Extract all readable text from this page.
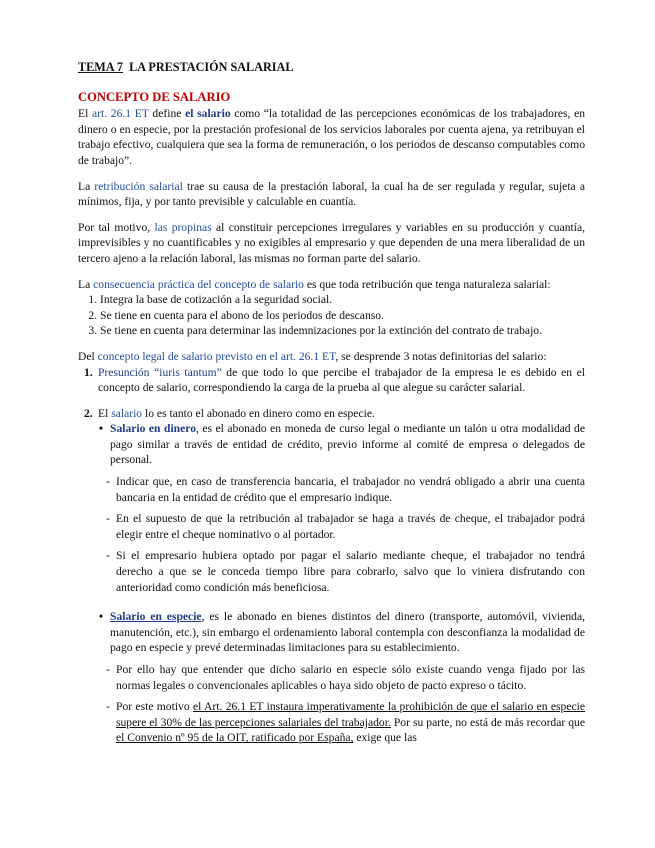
TEMA 7 LA PRESTACIÓN SALARIAL
CONCEPTO DE SALARIO

El art. 26.1 ET define el salario como “la totalidad de las percepciones económicas de los trabajadores, en dinero o en especie, por la prestación profesional de los servicios laborales por cuenta ajena, ya retribuyan el trabajo efectivo, cualquiera que sea la forma de remuneración, o los periodos de descanso computables como de trabajo”.

La retribución salarial trae su causa de la prestación laboral, la cual ha de ser regulada y regular, sujeta a mínimos, fija, y por tanto previsible y calculable en cuantía.

Por tal motivo, las propinas al constituir percepciones irregulares y variables en su producción y cuantía, imprevisibles y no cuantificables y no exigibles al empresario y que dependen de una mera liberalidad de un tercero ajeno a la relación laboral, las mismas no forman parte del salario.

La consecuencia práctica del concepto de salario es que toda retribución que tenga naturaleza salarial:
1. Integra la base de cotización a la seguridad social.
2. Se tiene en cuenta para el abono de los periodos de descanso.
3. Se tiene en cuenta para determinar las indemnizaciones por la extinción del contrato de trabajo.
Del concepto legal de salario previsto en el art. 26.1 ET, se desprende 3 notas definitorias del salario:
1. Presunción “iuris tantum” de que todo lo que percibe el trabajador de la empresa le es debido en el concepto de salario, correspondiendo la carga de la prueba al que alegue su carácter salarial.
2. El salario lo es tanto el abonado en dinero como en especie.
• Salario en dinero, es el abonado en moneda de curso legal o mediante un talón u otra modalidad de pago similar a través de entidad de crédito, previo informe al comité de empresa o delegados de personal.
- Indicar que, en caso de transferencia bancaria, el trabajador no vendrá obligado a abrir una cuenta bancaria en la entidad de crédito que el empresario indique.
- En el supuesto de que la retribución al trabajador se haga a través de cheque, el trabajador podrá elegir entre el cheque nominativo o al portador.
- Si el empresario hubiera optado por pagar el salario mediante cheque, el trabajador no tendrá derecho a que se le conceda tiempo libre para cobrarlo, salvo que lo viniera disfrutando con anterioridad como condición más beneficiosa.
• Salario en especie, es le abonado en bienes distintos del dinero (transporte, automóvil, vivienda, manutención, etc.), sin embargo el ordenamiento laboral contempla con desconfianza la modalidad de pago en especie y prevé determinadas limitaciones para su establecimiento.
- Por ello hay que entender que dicho salario en especie sólo existe cuando venga fijado por las normas legales o convencionales aplicables o haya sido objeto de pacto expreso o tácito.
- Por este motivo el Art. 26.1 ET instaura imperativamente la prohibición de que el salario en especie supere el 30% de las percepciones salariales del trabajador. Por su parte, no está de más recordar que el Convenio nº 95 de la OIT, ratificado por España, exige que las
